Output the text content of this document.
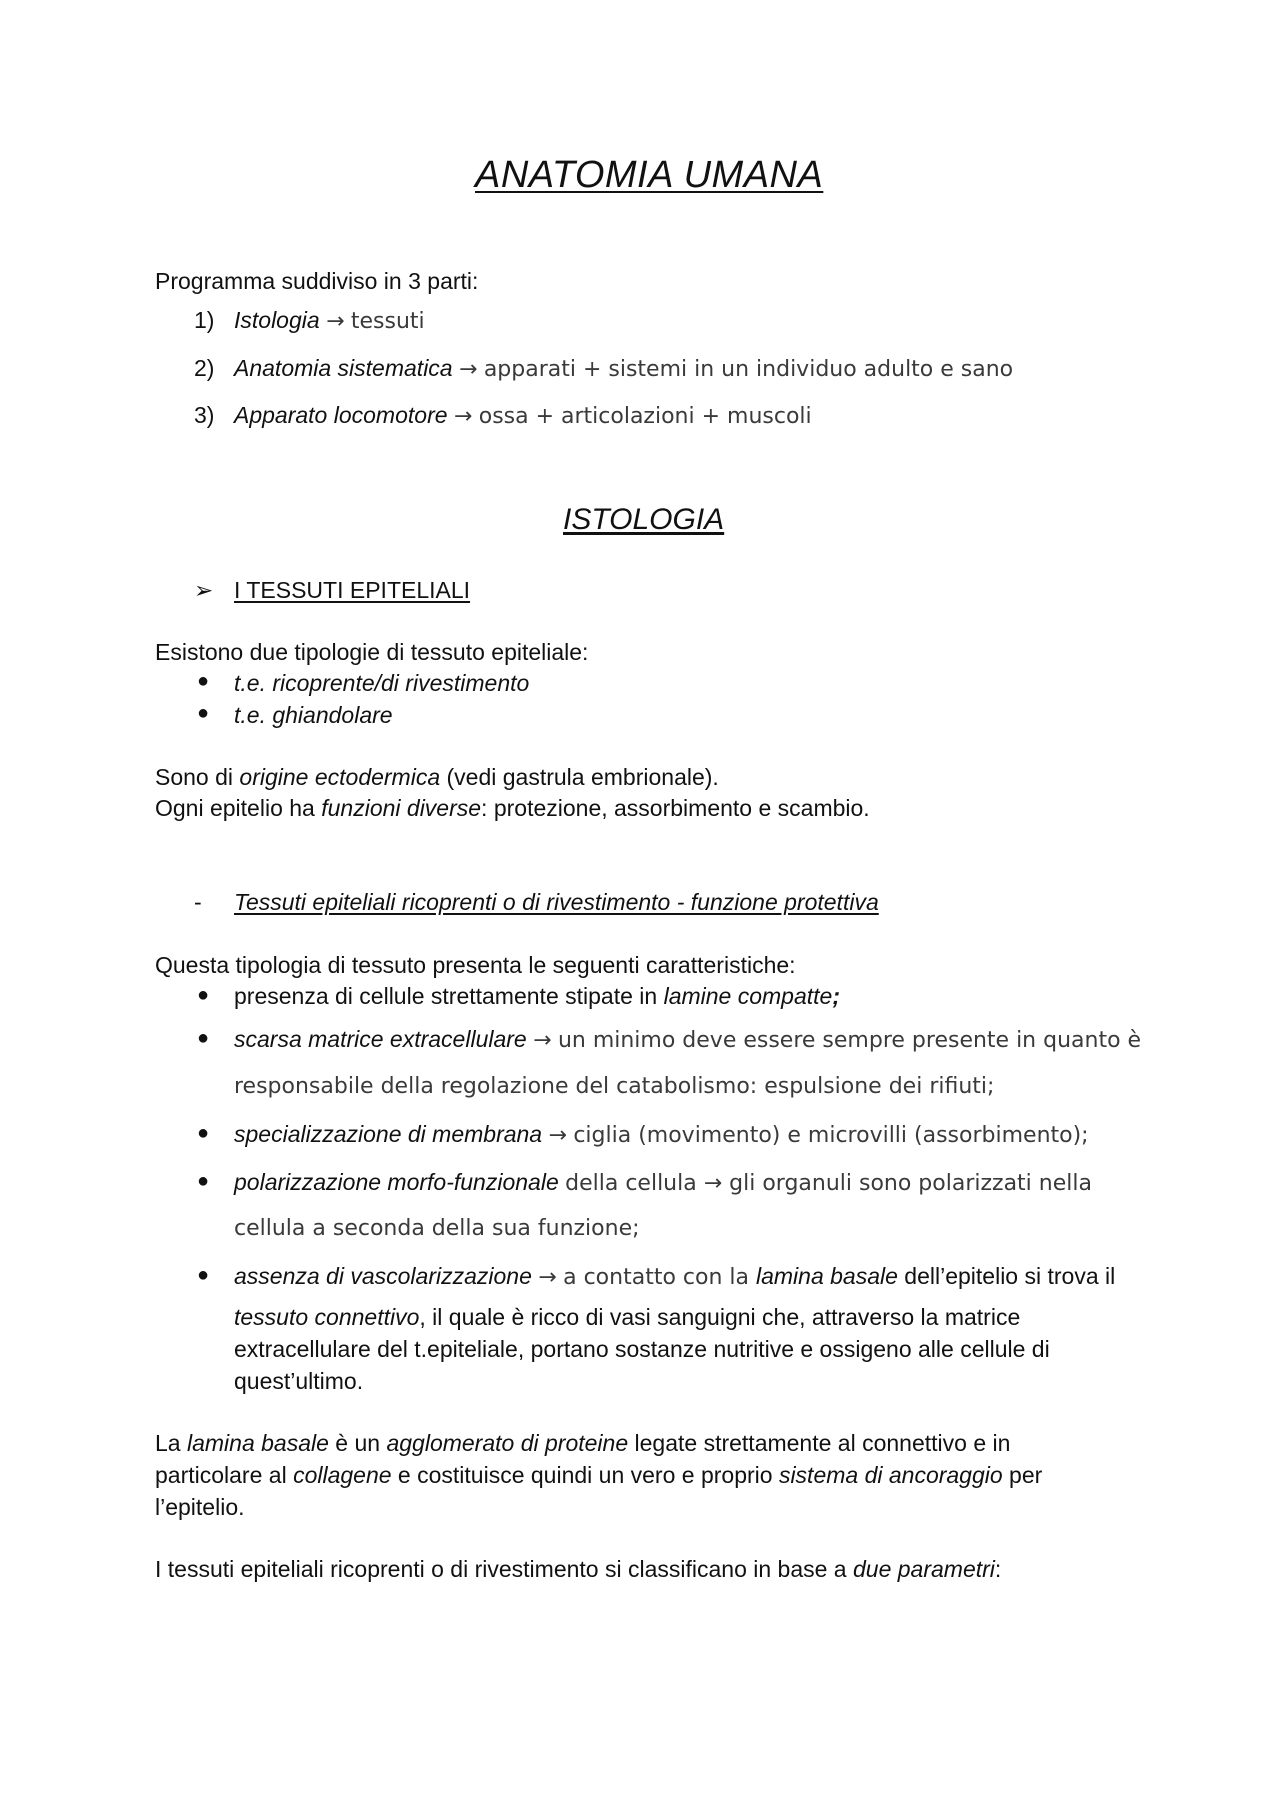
ANATOMIA UMANA
Programma suddiviso in 3 parti:
1) Istologia → tessuti
2) Anatomia sistematica → apparati + sistemi in un individuo adulto e sano
3) Apparato locomotore → ossa + articolazioni + muscoli
ISTOLOGIA
➢ I TESSUTI EPITELIALI
Esistono due tipologie di tessuto epiteliale:
● t.e. ricoprente/di rivestimento
● t.e. ghiandolare
Sono di origine ectodermica (vedi gastrula embrionale).
Ogni epitelio ha funzioni diverse: protezione, assorbimento e scambio.
- Tessuti epiteliali ricoprenti o di rivestimento - funzione protettiva
Questa tipologia di tessuto presenta le seguenti caratteristiche:
● presenza di cellule strettamente stipate in lamine compatte;
● scarsa matrice extracellulare → un minimo deve essere sempre presente in quanto è
responsabile della regolazione del catabolismo: espulsione dei rifiuti;
● specializzazione di membrana → ciglia (movimento) e microvilli (assorbimento);
● polarizzazione morfo-funzionale della cellula → gli organuli sono polarizzati nella
cellula a seconda della sua funzione;
● assenza di vascolarizzazione → a contatto con la lamina basale dell’epitelio si trova il
tessuto connettivo, il quale è ricco di vasi sanguigni che, attraverso la matrice
extracellulare del t.epiteliale, portano sostanze nutritive e ossigeno alle cellule di
quest’ultimo.
La lamina basale è un agglomerato di proteine legate strettamente al connettivo e in
particolare al collagene e costituisce quindi un vero e proprio sistema di ancoraggio per
l’epitelio.
I tessuti epiteliali ricoprenti o di rivestimento si classificano in base a due parametri:
